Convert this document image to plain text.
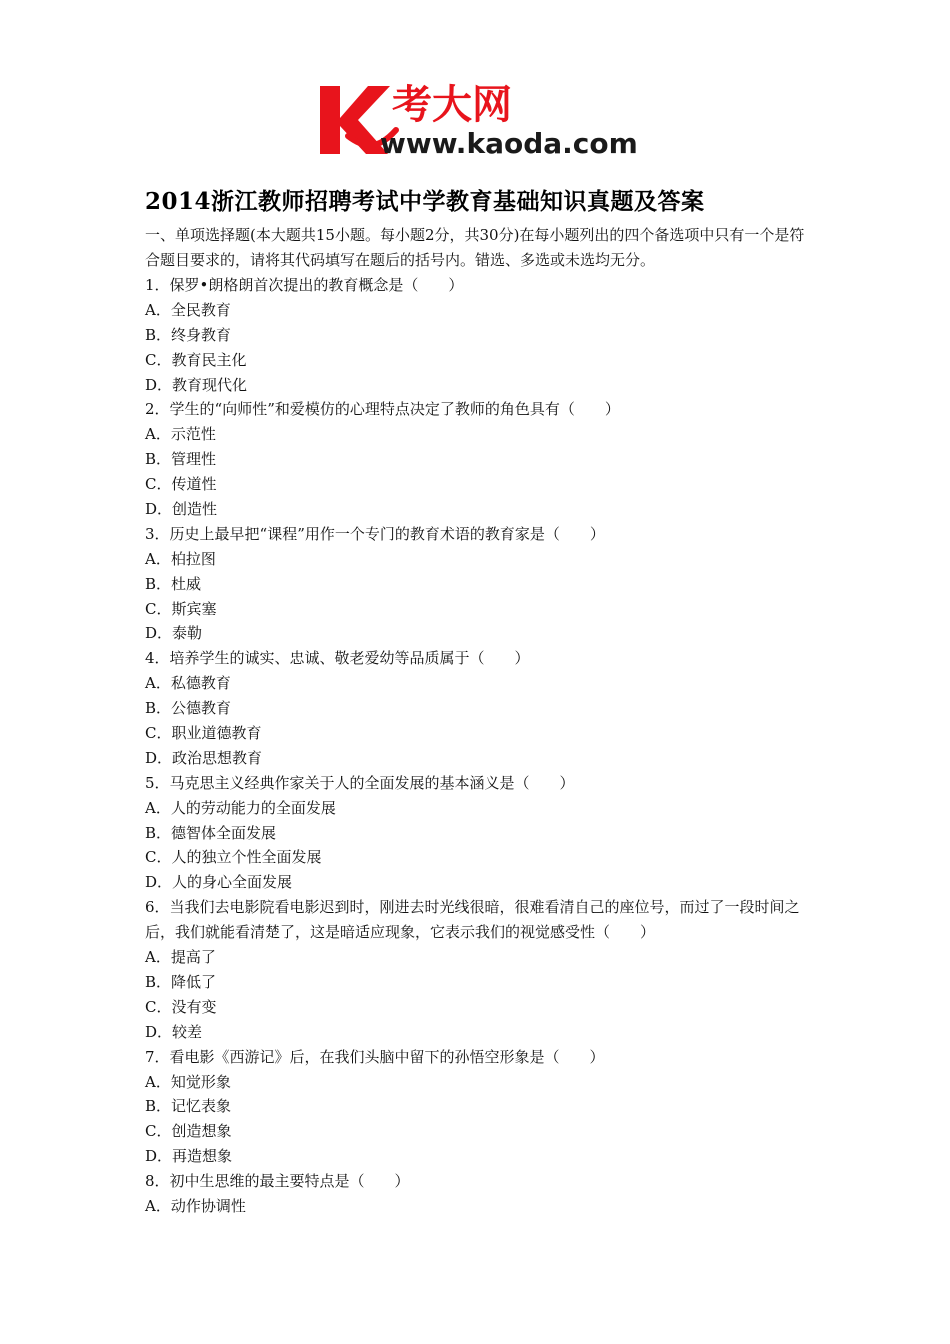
考大网
www.kaoda.com
2014浙江教师招聘考试中学教育基础知识真题及答案

一、单项选择题(本大题共15小题。每小题2分，共30分)在每小题列出的四个备选项中只有一个是符合题目要求的，请将其代码填写在题后的括号内。错选、多选或未选均无分。

1．保罗•朗格朗首次提出的教育概念是（　　）
A．全民教育
B．终身教育
C．教育民主化
D．教育现代化
2．学生的“向师性”和爱模仿的心理特点决定了教师的角色具有（　　）
A．示范性
B．管理性
C．传道性
D．创造性
3．历史上最早把“课程”用作一个专门的教育术语的教育家是（　　）
A．柏拉图
B．杜威
C．斯宾塞
D．泰勒
4．培养学生的诚实、忠诚、敬老爱幼等品质属于（　　）
A．私德教育
B．公德教育
C．职业道德教育
D．政治思想教育
5．马克思主义经典作家关于人的全面发展的基本涵义是（　　）
A．人的劳动能力的全面发展
B．德智体全面发展
C．人的独立个性全面发展
D．人的身心全面发展
6．当我们去电影院看电影迟到时，刚进去时光线很暗，很难看清自己的座位号，而过了一段时间之后，我们就能看清楚了，这是暗适应现象，它表示我们的视觉感受性（　　）
A．提高了
B．降低了
C．没有变
D．较差
7．看电影《西游记》后，在我们头脑中留下的孙悟空形象是（　　）
A．知觉形象
B．记忆表象
C．创造想象
D．再造想象
8．初中生思维的最主要特点是（　　）
A．动作协调性
